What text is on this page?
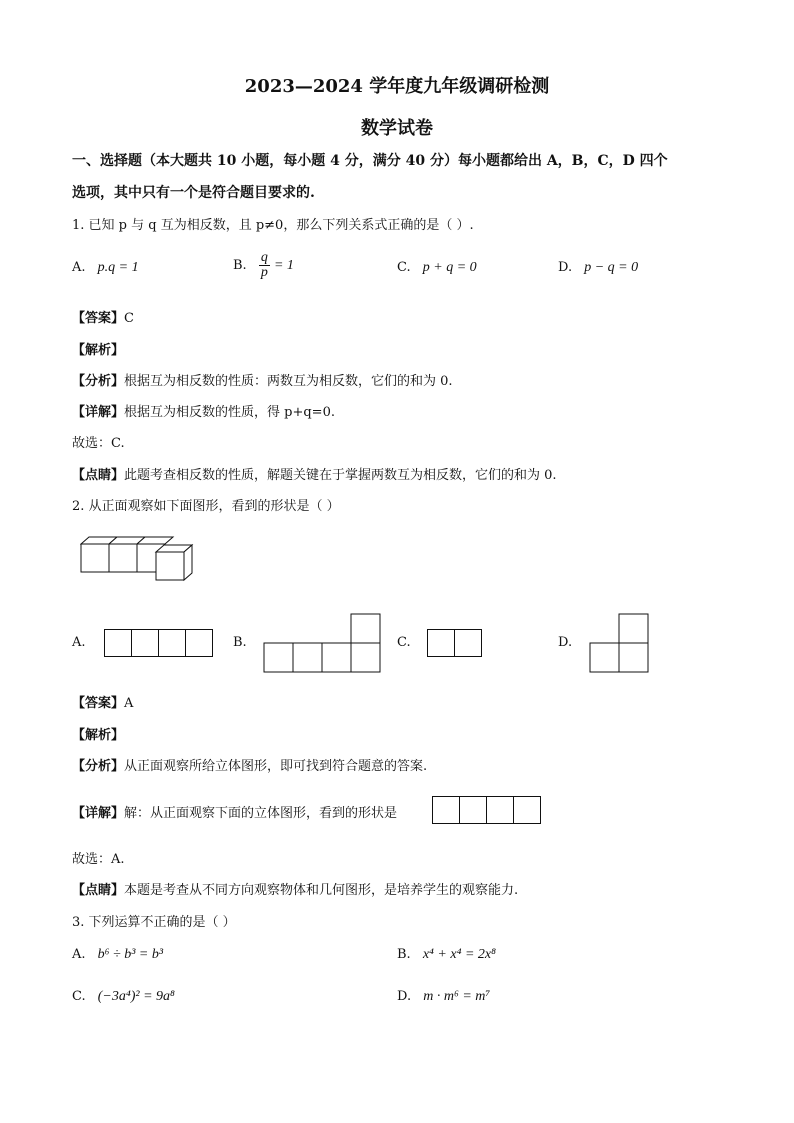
2023—2024 学年度九年级调研检测
数学试卷
一、选择题（本大题共 10 小题，每小题 4 分，满分 40 分）每小题都给出 A，B，C，D 四个
选项，其中只有一个是符合题目要求的.
1. 已知 p 与 q 互为相反数，且 p≠0，那么下列关系式正确的是（ ）.
A. p.q = 1	B. $\frac{q}{p} = 1$	C. p + q = 0	D. p − q = 0
【答案】C
【解析】
【分析】根据互为相反数的性质：两数互为相反数，它们的和为 0.
【详解】根据互为相反数的性质，得 p+q=0.
故选：C.
【点睛】此题考查相反数的性质，解题关键在于掌握两数互为相反数，它们的和为 0.
2. 从正面观察如下面图形，看到的形状是（ ）
A.	B.	C.	D.
【答案】A
【解析】
【分析】从正面观察所给立体图形，即可找到符合题意的答案.
【详解】解：从正面观察下面的立体图形，看到的形状是
故选：A.
【点睛】本题是考查从不同方向观察物体和几何图形，是培养学生的观察能力.
3. 下列运算不正确的是（ ）
A. b⁶ ÷ b³ = b³	B. x⁴ + x⁴ = 2x⁸
C. (−3a⁴)² = 9a⁸	D. m · m⁶ = m⁷
